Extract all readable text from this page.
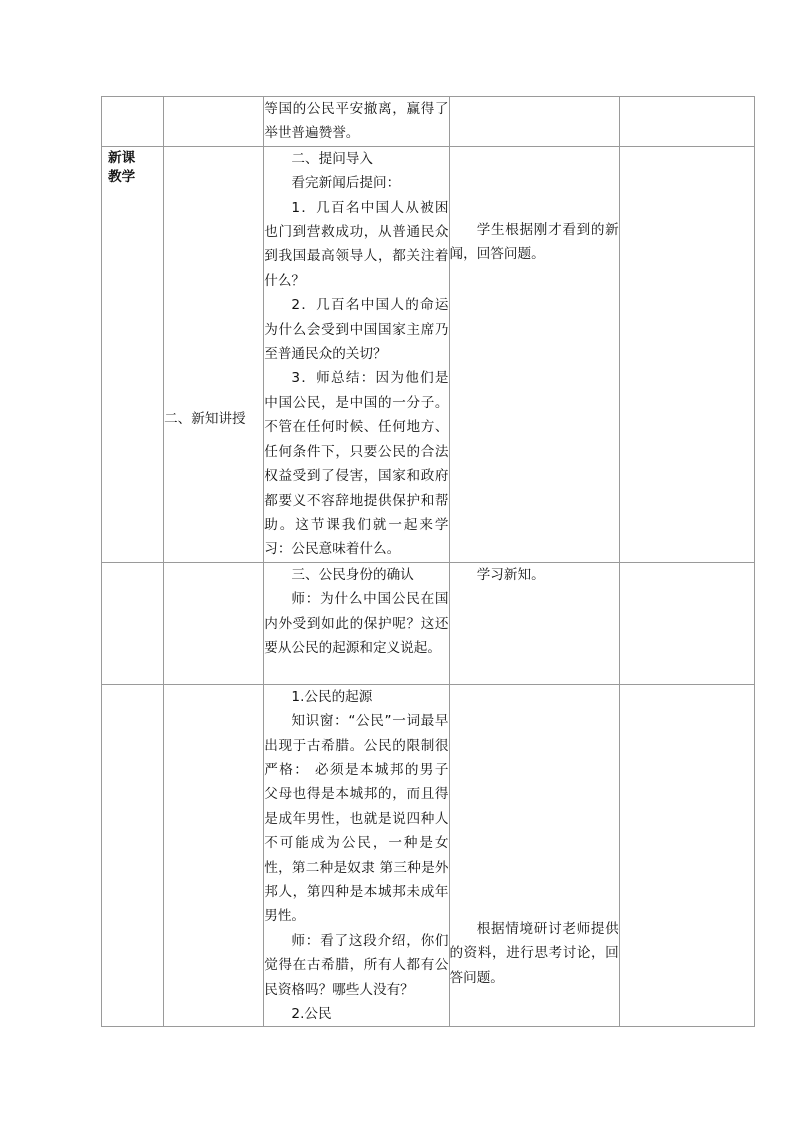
		等国的公民平安撤离，赢得了举世普遍赞誉。		

新课教学	二、新知讲授	二、提问导入

看完新闻后提问：

1．几百名中国人从被困也门到营救成功，从普通民众到我国最高领导人，都关注着什么？

2．几百名中国人的命运为什么会受到中国国家主席乃至普通民众的关切？

3．师总结：因为他们是中国公民，是中国的一分子。不管在任何时候、任何地方、任何条件下，只要公民的合法权益受到了侵害，国家和政府都要义不容辞地提供保护和帮助。这节课我们就一起来学习：公民意味着什么。	学生根据刚才看到的新闻，回答问题。	

		三、公民身份的确认

师：为什么中国公民在国内外受到如此的保护呢？这还要从公民的起源和定义说起。	学习新知。	

		1.公民的起源

知识窗：“公民”一词最早出现于古希腊。公民的限制很严格： 必须是本城邦的男子 父母也得是本城邦的，而且得是成年男性，也就是说四种人不可能成为公民，一种是女性，第二种是奴隶 第三种是外邦人，第四种是本城邦未成年男性。

师：看了这段介绍，你们觉得在古希腊，所有人都有公民资格吗？哪些人没有？

2.公民	根据情境研讨老师提供的资料，进行思考讨论，回答问题。	
